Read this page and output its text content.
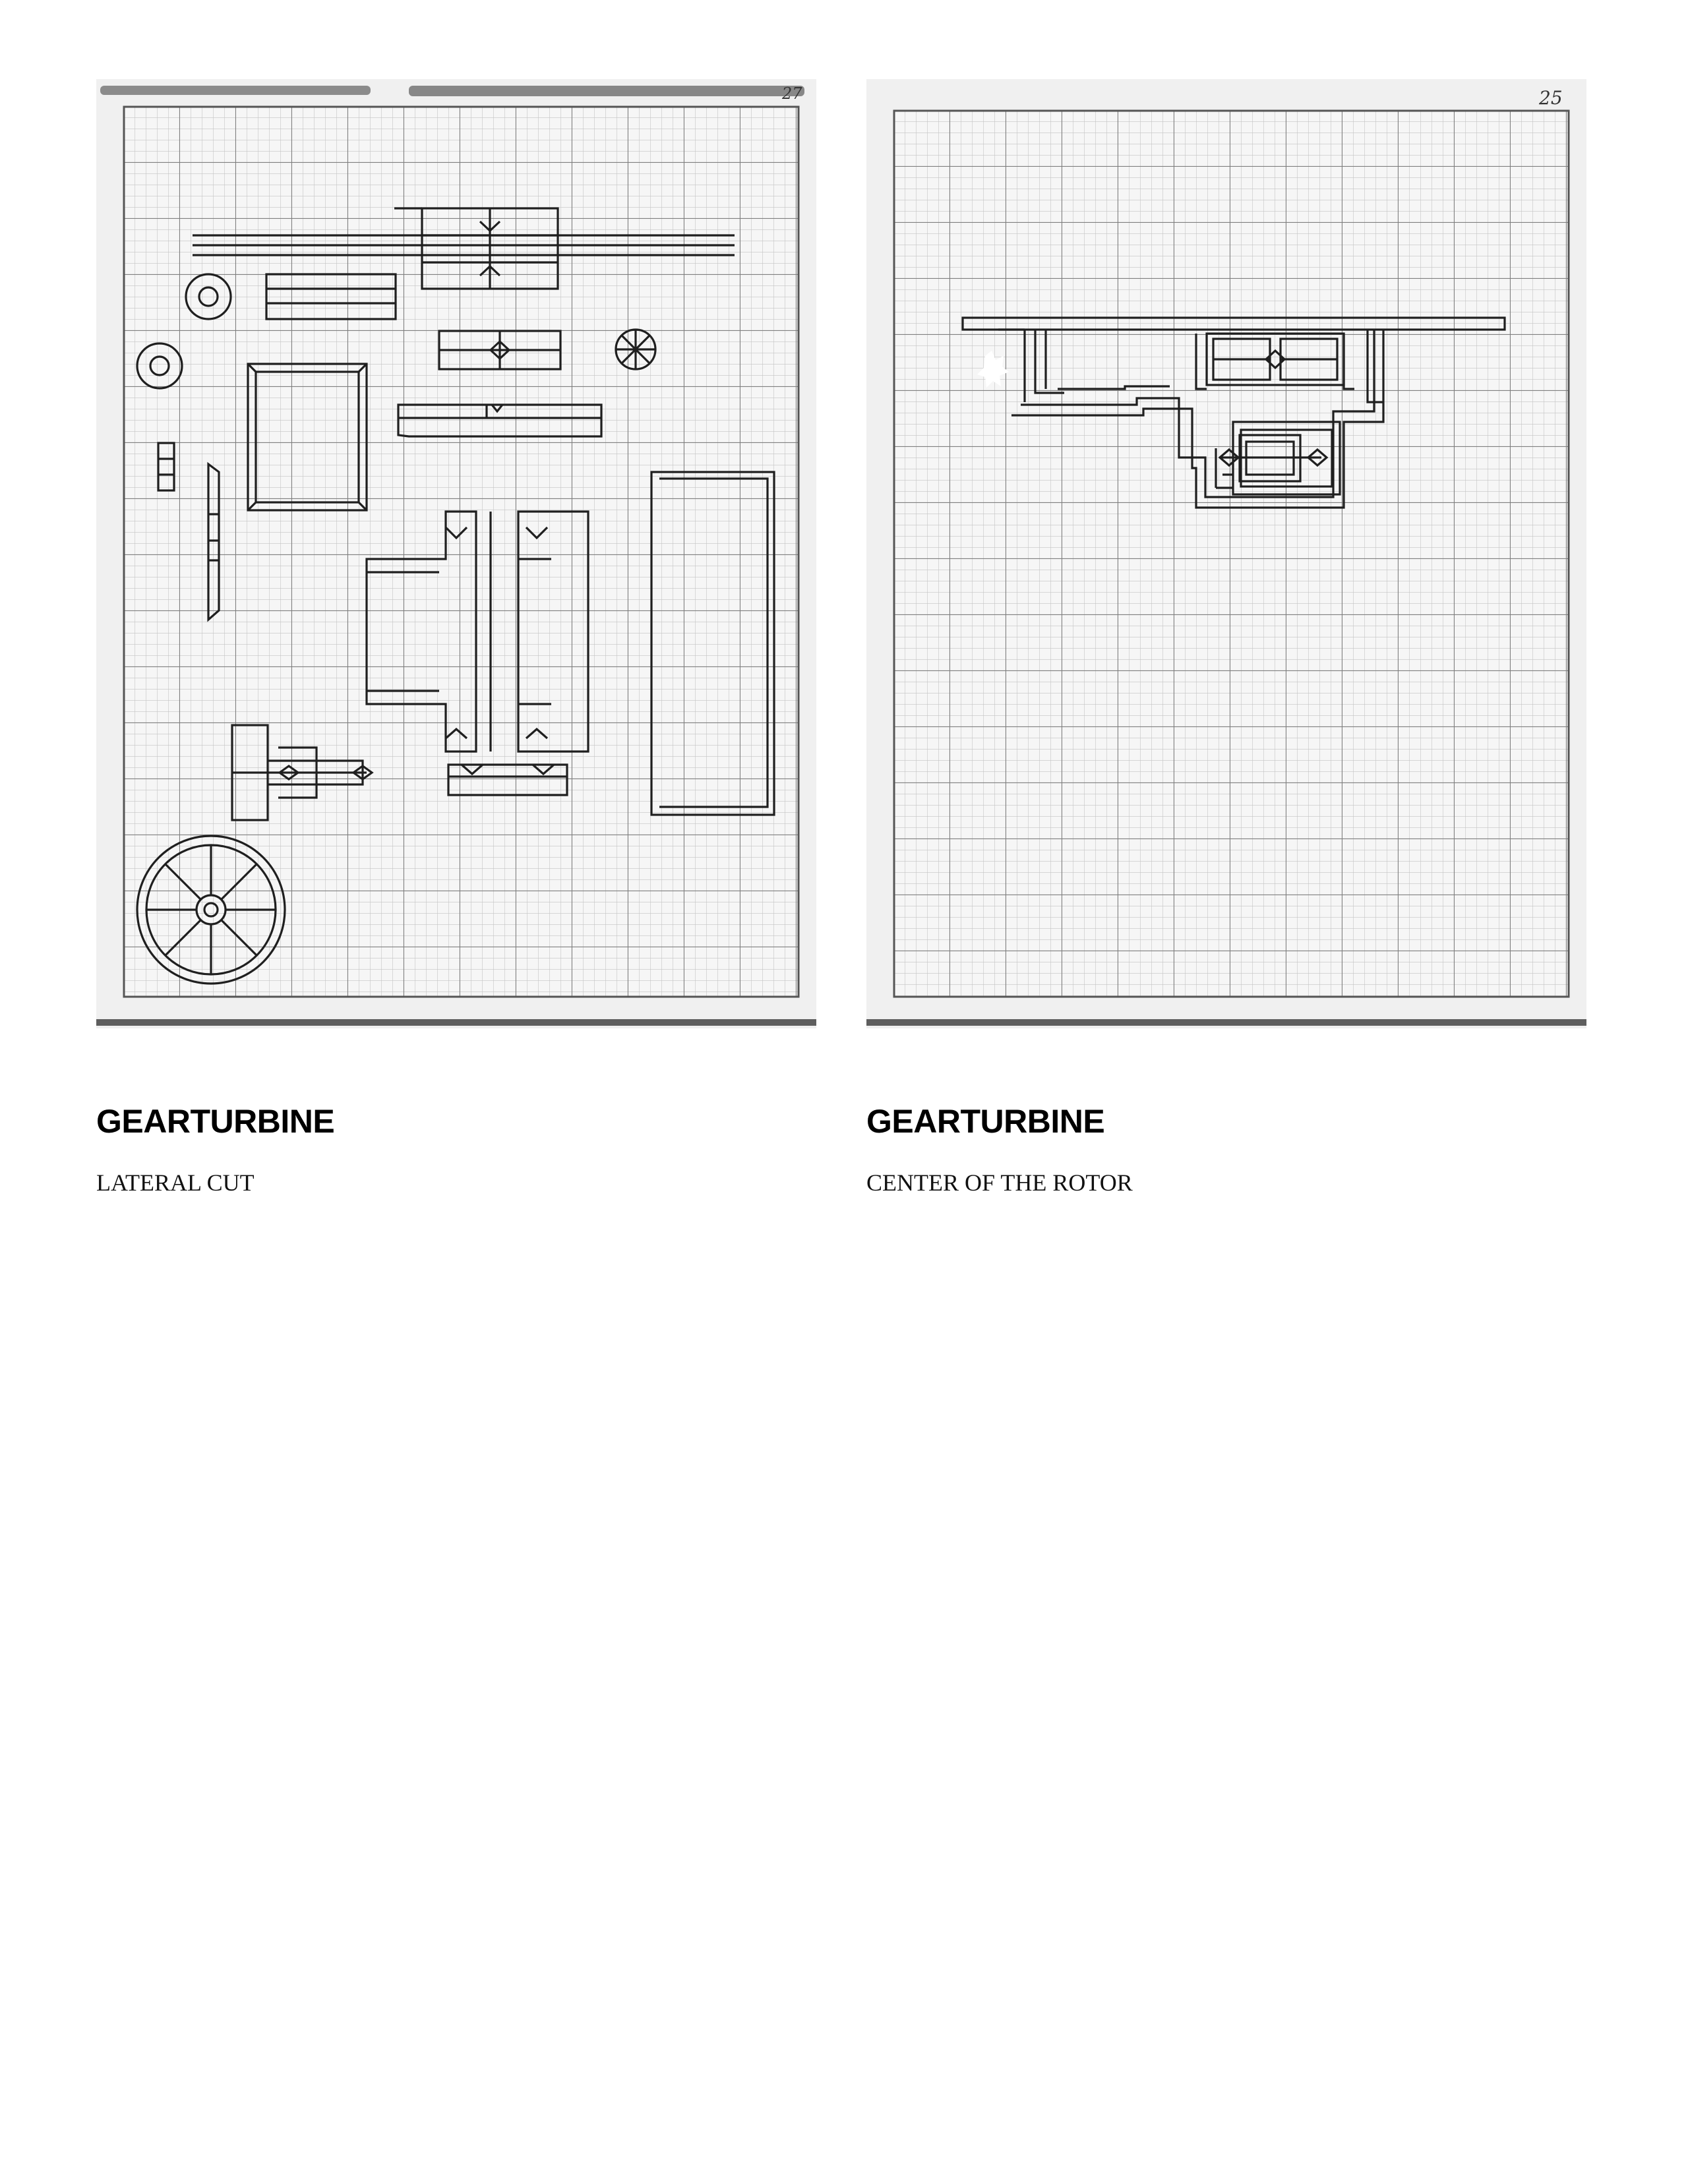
27
GEARTURBINE
LATERAL CUT
25
GEARTURBINE
CENTER OF THE ROTOR
